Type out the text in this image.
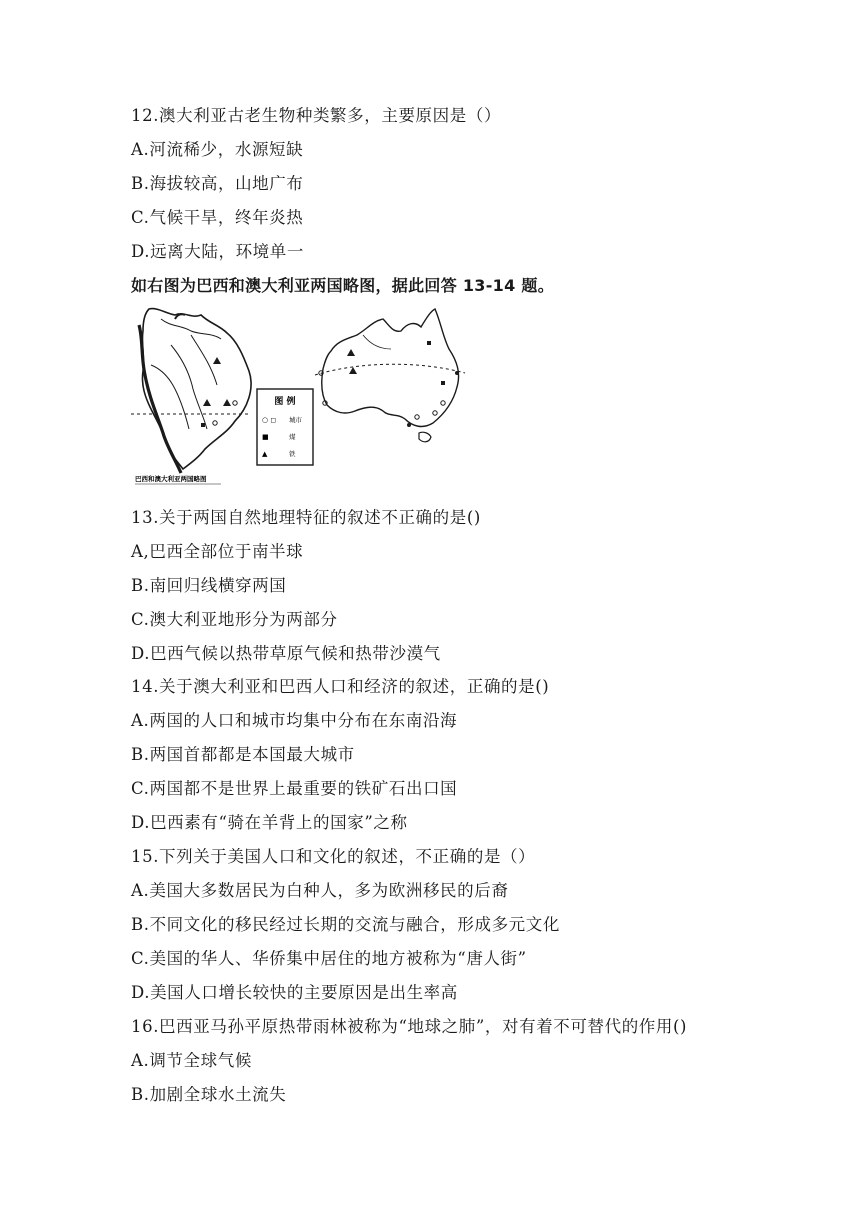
12.澳大利亚古老生物种类繁多，主要原因是（）
A.河流稀少，水源短缺
B.海拔较高，山地广布
C.气候干旱，终年炎热
D.远离大陆，环境单一
如右图为巴西和澳大利亚两国略图，据此回答 13-14 题。
图 例
○ ◻ 城市
■	煤
▲	铁
巴西和澳大利亚两国略图
13.关于两国自然地理特征的叙述不正确的是()
A,巴西全部位于南半球
B.南回归线横穿两国
C.澳大利亚地形分为两部分
D.巴西气候以热带草原气候和热带沙漠气
14.关于澳大利亚和巴西人口和经济的叙述，正确的是()
A.两国的人口和城市均集中分布在东南沿海
B.两国首都都是本国最大城市
C.两国都不是世界上最重要的铁矿石出口国
D.巴西素有“骑在羊背上的国家”之称
15.下列关于美国人口和文化的叙述，不正确的是（）
A.美国大多数居民为白种人，多为欧洲移民的后裔
B.不同文化的移民经过长期的交流与融合，形成多元文化
C.美国的华人、华侨集中居住的地方被称为“唐人街”
D.美国人口增长较快的主要原因是出生率高
16.巴西亚马孙平原热带雨林被称为“地球之肺”，对有着不可替代的作用()
A.调节全球气候
B.加剧全球水土流失
